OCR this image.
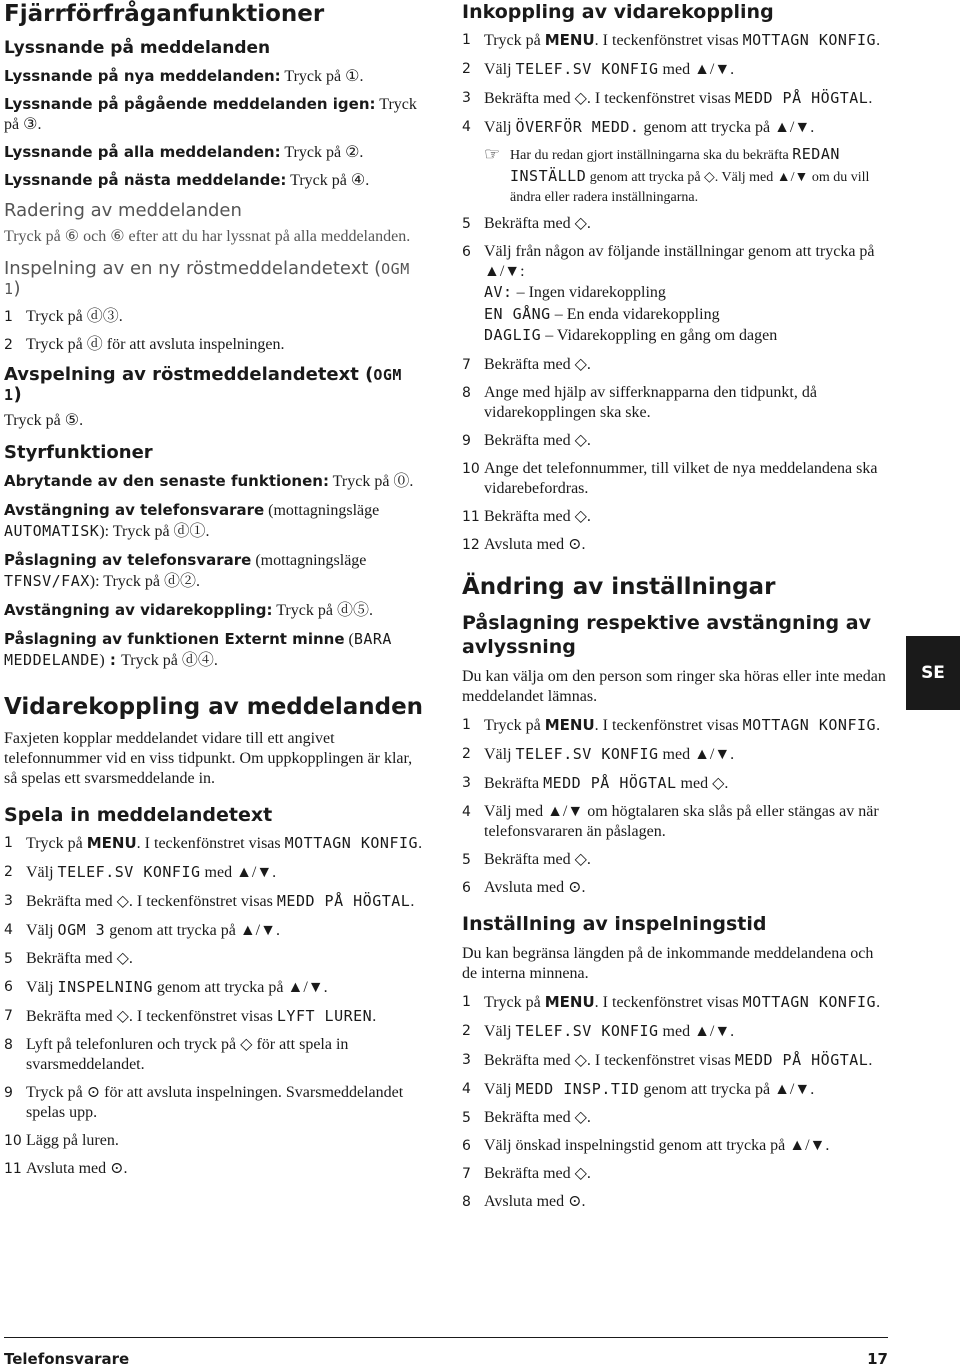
Fjärrförfråganfunktioner
Lyssnande på meddelanden

Lyssnande på nya meddelanden: Tryck på ①.

Lyssnande på pågående meddelanden igen: Tryck på ③.

Lyssnande på alla meddelanden: Tryck på ②.

Lyssnande på nästa meddelande: Tryck på ④.

Radering av meddelanden

Tryck på ⑥ och ⑥ efter att du har lyssnat på alla meddelanden.

Inspelning av en ny röstmeddelandetext (OGM 1)
1 Tryck på ⓓ③.
2 Tryck på ⓓ för att avsluta inspelningen.
Avspelning av röstmeddelandetext (OGM 1)

Tryck på ⑤.

Styrfunktioner

Abrytande av den senaste funktionen: Tryck på ⓪.

Avstängning av telefonsvarare (mottagningsläge AUTOMATISK): Tryck på ⓓ①.

Påslagning av telefonsvarare (mottagningsläge TFNSV/FAX): Tryck på ⓓ②.

Avstängning av vidarekoppling: Tryck på ⓓ⑤.

Påslagning av funktionen Externt minne (BARA MEDDELANDE) : Tryck på ⓓ④.

Vidarekoppling av meddelanden

Faxjeten kopplar meddelandet vidare till ett angivet telefonnummer vid en viss tidpunkt. Om uppkopplingen är klar, så spelas ett svarsmeddelande in.

Spela in meddelandetext
1 Tryck på MENU. I teckenfönstret visas MOTTAGN KONFIG.
2 Välj TELEF.SV KONFIG med ▲/▼.
3 Bekräfta med ◇. I teckenfönstret visas MEDD PÅ HÖGTAL.
4 Välj OGM 3 genom att trycka på ▲/▼.
5 Bekräfta med ◇.
6 Välj INSPELNING genom att trycka på ▲/▼.
7 Bekräfta med ◇. I teckenfönstret visas LYFT LUREN.
8 Lyft på telefonluren och tryck på ◇ för att spela in svarsmeddelandet.
9 Tryck på ⊙ för att avsluta inspelningen. Svarsmeddelandet spelas upp.
10 Lägg på luren.
11 Avsluta med ⊙.
Inkoppling av vidarekoppling
1 Tryck på MENU. I teckenfönstret visas MOTTAGN KONFIG.
2 Välj TELEF.SV KONFIG med ▲/▼.
3 Bekräfta med ◇. I teckenfönstret visas MEDD PÅ HÖGTAL.
4 Välj ÖVERFÖR MEDD. genom att trycka på ▲/▼.
☞ Har du redan gjort inställningarna ska du bekräfta REDAN INSTÄLLD genom att trycka på ◇. Välj med ▲/▼ om du vill ändra eller radera inställningarna.
5 Bekräfta med ◇.
6 Välj från någon av följande inställningar genom att trycka på ▲/▼:
AV: – Ingen vidarekoppling
EN GÅNG – En enda vidarekoppling
DAGLIG – Vidarekoppling en gång om dagen
7 Bekräfta med ◇.
8 Ange med hjälp av sifferknapparna den tidpunkt, då vidarekopplingen ska ske.
9 Bekräfta med ◇.
10 Ange det telefonnummer, till vilket de nya meddelandena ska vidarebefordras.
11 Bekräfta med ◇.
12 Avsluta med ⊙.
Ändring av inställningar
Påslagning respektive avstängning av avlyssning

Du kan välja om den person som ringer ska höras eller inte medan meddelandet lämnas.

1 Tryck på MENU. I teckenfönstret visas MOTTAGN KONFIG.
2 Välj TELEF.SV KONFIG med ▲/▼.
3 Bekräfta MEDD PÅ HÖGTAL med ◇.
4 Välj med ▲/▼ om högtalaren ska slås på eller stängas av när telefonsvararen än påslagen.
5 Bekräfta med ◇.
6 Avsluta med ⊙.
Inställning av inspelningstid

Du kan begränsa längden på de inkommande meddelandena och de interna minnena.

1 Tryck på MENU. I teckenfönstret visas MOTTAGN KONFIG.
2 Välj TELEF.SV KONFIG med ▲/▼.
3 Bekräfta med ◇. I teckenfönstret visas MEDD PÅ HÖGTAL.
4 Välj MEDD INSP.TID genom att trycka på ▲/▼.
5 Bekräfta med ◇.
6 Välj önskad inspelningstid genom att trycka på ▲/▼.
7 Bekräfta med ◇.
8 Avsluta med ⊙.
SE
Telefonsvarare	17
